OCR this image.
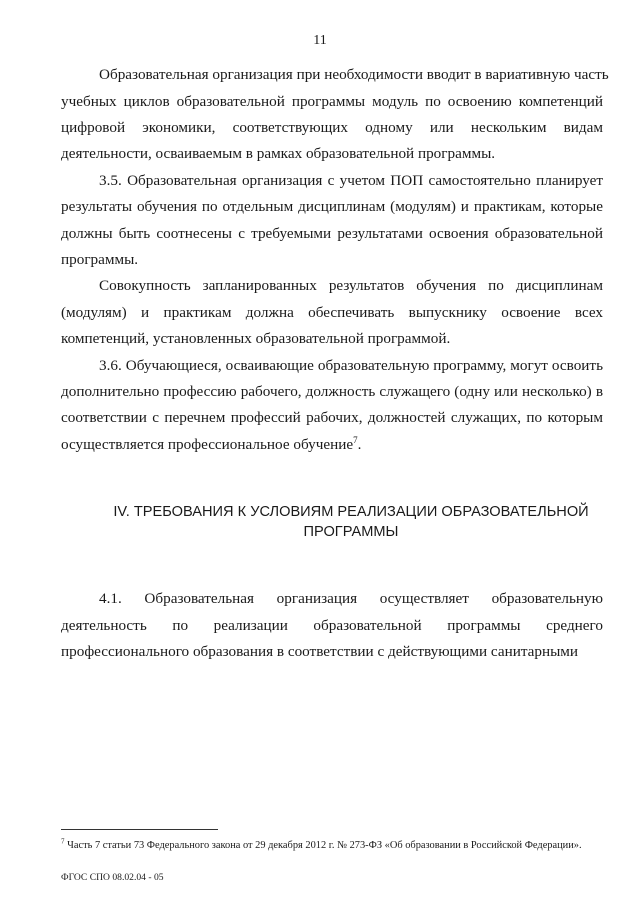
11
Образовательная организация при необходимости вводит в вариативную часть
учебных циклов образовательной программы модуль по освоению компетенций
цифровой экономики, соответствующих одному или нескольким видам
деятельности, осваиваемым в рамках образовательной программы.
3.5. Образовательная организация с учетом ПОП самостоятельно планирует
результаты обучения по отдельным дисциплинам (модулям) и практикам, которые
должны быть соотнесены с требуемыми результатами освоения образовательной
программы.
Совокупность запланированных результатов обучения по дисциплинам
(модулям) и практикам должна обеспечивать выпускнику освоение всех
компетенций, установленных образовательной программой.
3.6. Обучающиеся, осваивающие образовательную программу, могут освоить
дополнительно профессию рабочего, должность служащего (одну или несколько) в
соответствии с перечнем профессий рабочих, должностей служащих, по которым
осуществляется профессиональное обучение$^7$.
IV. ТРЕБОВАНИЯ К УСЛОВИЯМ РЕАЛИЗАЦИИ ОБРАЗОВАТЕЛЬНОЙ
ПРОГРАММЫ
4.1. Образовательная организация осуществляет образовательную
деятельность по реализации образовательной программы среднего
профессионального образования в соответствии с действующими санитарными
$^7$ Часть 7 статьи 73 Федерального закона от 29 декабря 2012 г. № 273-ФЗ «Об образовании в Российской Федерации».
ФГОС СПО 08.02.04 - 05
